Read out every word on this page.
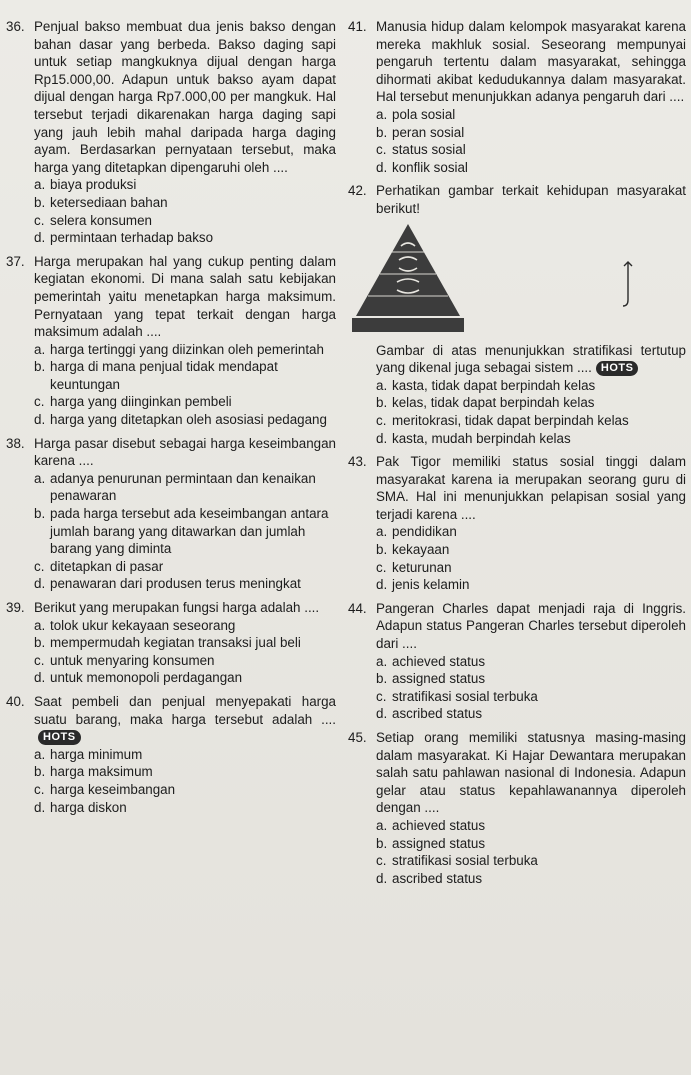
36. Penjual bakso membuat dua jenis bakso dengan bahan dasar yang berbeda. Bakso daging sapi untuk setiap mangkuknya dijual dengan harga Rp15.000,00. Adapun untuk bakso ayam dapat dijual dengan harga Rp7.000,00 per mangkuk. Hal tersebut terjadi dikarenakan harga daging sapi yang jauh lebih mahal daripada harga daging ayam. Berdasarkan pernyataan tersebut, maka harga yang ditetapkan dipengaruhi oleh ....
a. biaya produksi
b. ketersediaan bahan
c. selera konsumen
d. permintaan terhadap bakso
37. Harga merupakan hal yang cukup penting dalam kegiatan ekonomi. Di mana salah satu kebijakan pemerintah yaitu menetapkan harga maksimum. Pernyataan yang tepat terkait dengan harga maksimum adalah ....
a. harga tertinggi yang diizinkan oleh pemerintah
b. harga di mana penjual tidak mendapat keuntungan
c. harga yang diinginkan pembeli
d. harga yang ditetapkan oleh asosiasi pedagang
38. Harga pasar disebut sebagai harga keseimbangan karena ....
a. adanya penurunan permintaan dan kenaikan penawaran
b. pada harga tersebut ada keseimbangan antara jumlah barang yang ditawarkan dan jumlah barang yang diminta
c. ditetapkan di pasar
d. penawaran dari produsen terus meningkat
39. Berikut yang merupakan fungsi harga adalah ....
a. tolok ukur kekayaan seseorang
b. mempermudah kegiatan transaksi jual beli
c. untuk menyaring konsumen
d. untuk memonopoli perdagangan
40. Saat pembeli dan penjual menyepakati harga suatu barang, maka harga tersebut adalah ....HOTS
a. harga minimum
b. harga maksimum
c. harga keseimbangan
d. harga diskon
41. Manusia hidup dalam kelompok masyarakat karena mereka makhluk sosial. Seseorang mempunyai pengaruh tertentu dalam masyarakat, sehingga dihormati akibat kedudukannya dalam masyarakat. Hal tersebut menunjukkan adanya pengaruh dari ....
a. pola sosial
b. peran sosial
c. status sosial
d. konflik sosial
42. Perhatikan gambar terkait kehidupan masyarakat berikut!
Gambar di atas menunjukkan stratifikasi tertutup yang dikenal juga sebagai sistem .... HOTS
a. kasta, tidak dapat berpindah kelas
b. kelas, tidak dapat berpindah kelas
c. meritokrasi, tidak dapat berpindah kelas
d. kasta, mudah berpindah kelas
43. Pak Tigor memiliki status sosial tinggi dalam masyarakat karena ia merupakan seorang guru di SMA. Hal ini menunjukkan pelapisan sosial yang terjadi karena ....
a. pendidikan
b. kekayaan
c. keturunan
d. jenis kelamin
44. Pangeran Charles dapat menjadi raja di Inggris. Adapun status Pangeran Charles tersebut diperoleh dari ....
a. achieved status
b. assigned status
c. stratifikasi sosial terbuka
d. ascribed status
45. Setiap orang memiliki statusnya masing-masing dalam masyarakat. Ki Hajar Dewantara merupakan salah satu pahlawan nasional di Indonesia. Adapun gelar atau status kepahlawanannya diperoleh dengan ....
a. achieved status
b. assigned status
c. stratifikasi sosial terbuka
d. ascribed status
